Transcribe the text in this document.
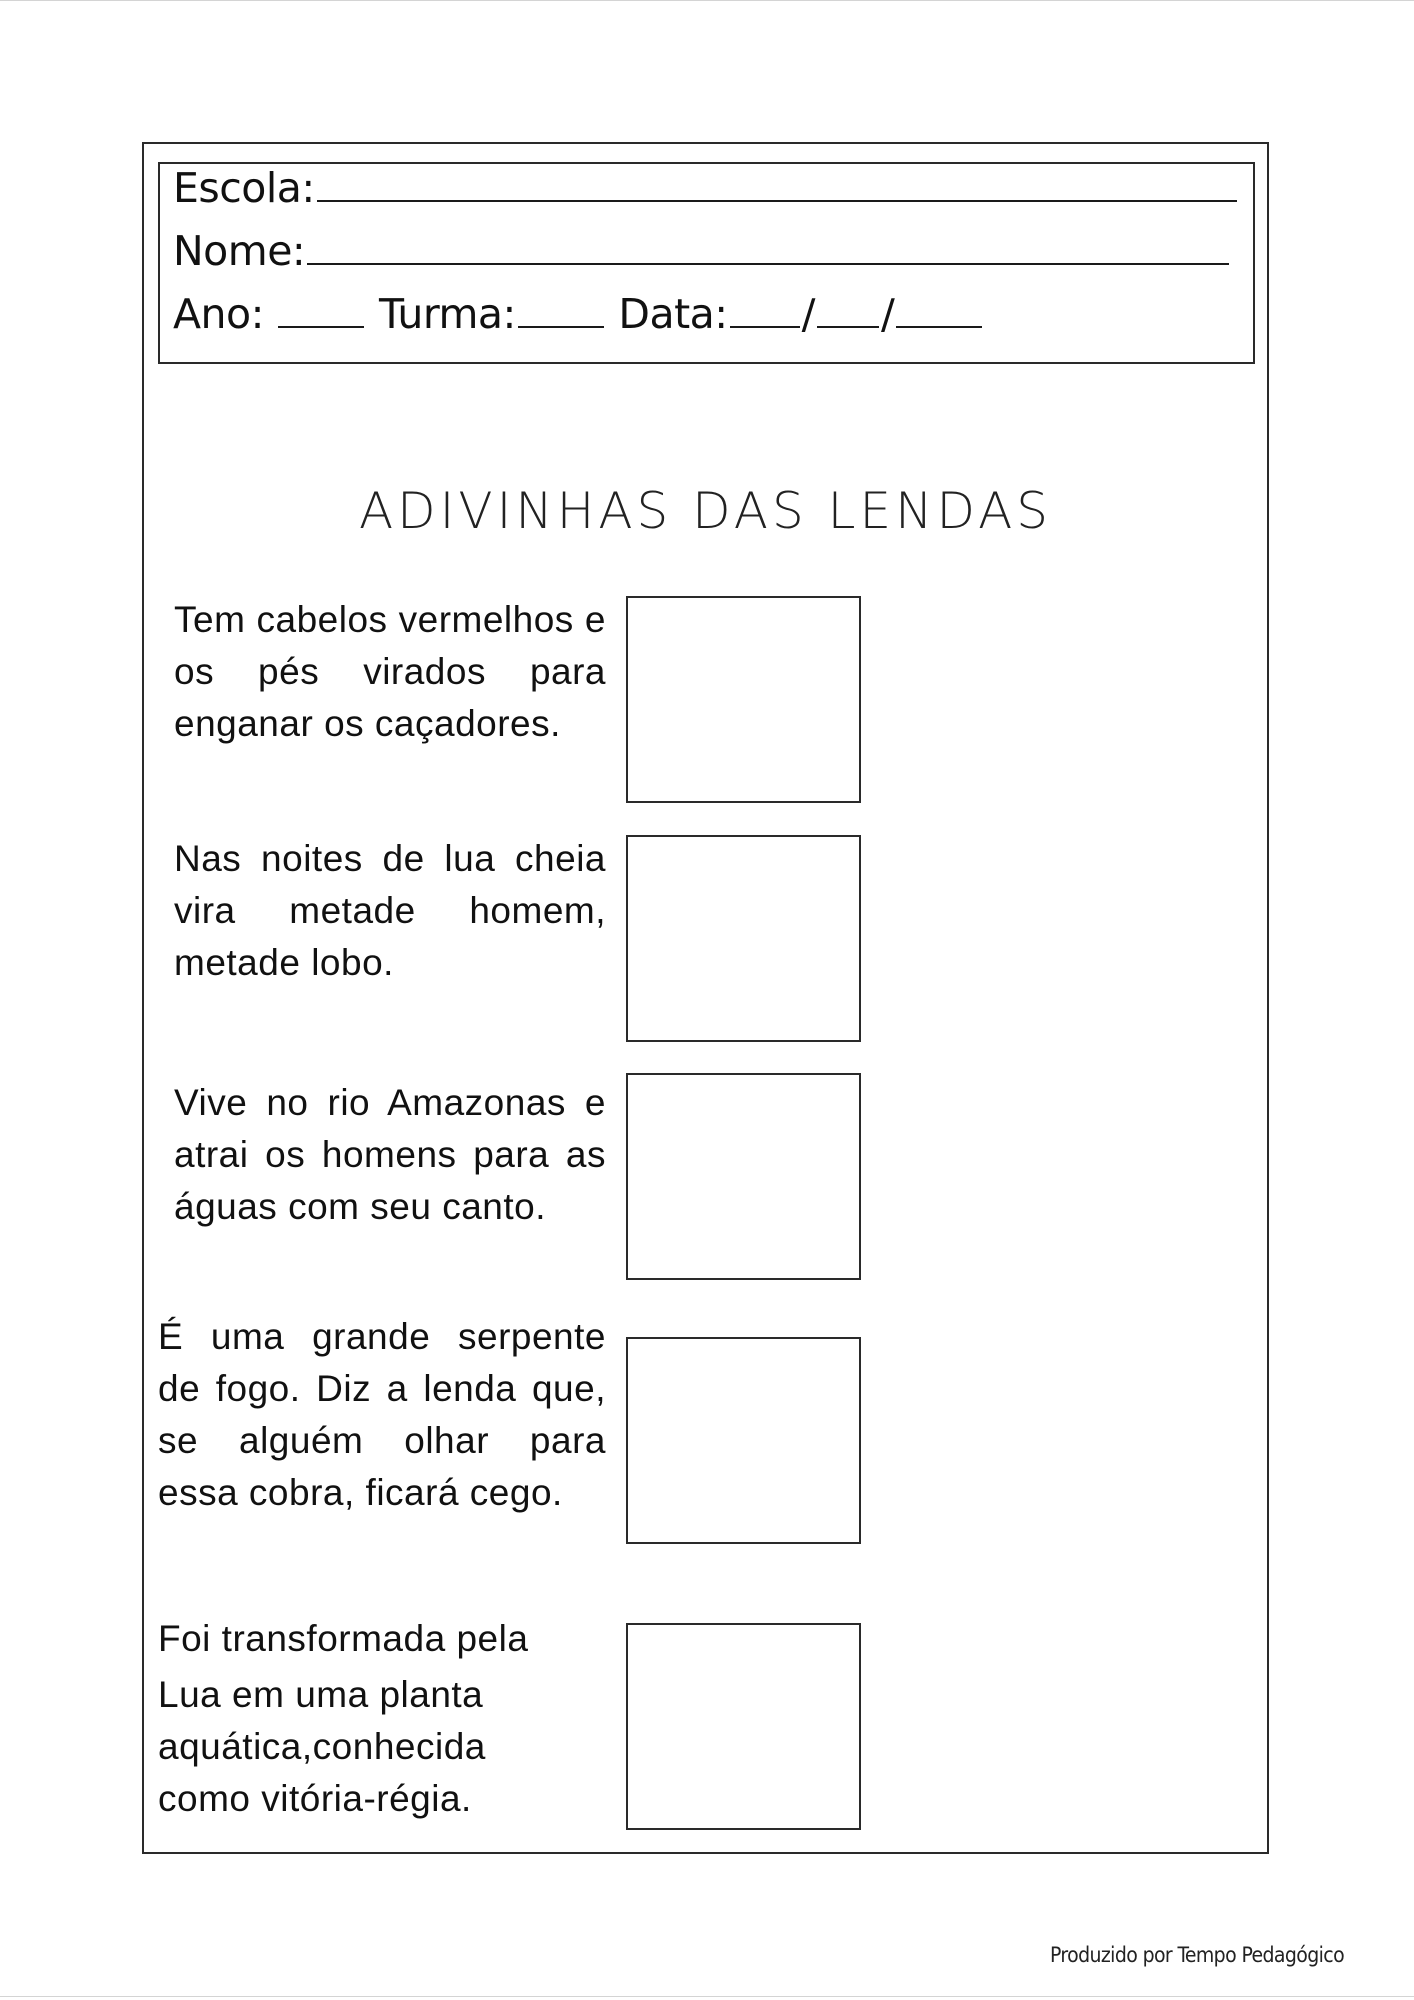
Escola:
Nome:
Ano:	Turma:	Data: / /
ADIVINHAS DAS LENDAS
Tem cabelos vermelhos e os pés virados para enganar os caçadores.
Nas noites de lua cheia vira metade homem, metade lobo.
Vive no rio Amazonas e atrai os homens para as águas com seu canto.
É uma grande serpente de fogo. Diz a lenda que, se alguém olhar para essa cobra, ficará cego.
Foi transformada pela
Lua em uma planta
aquática,conhecida
como vitória-régia.
Produzido por Tempo Pedagógico
